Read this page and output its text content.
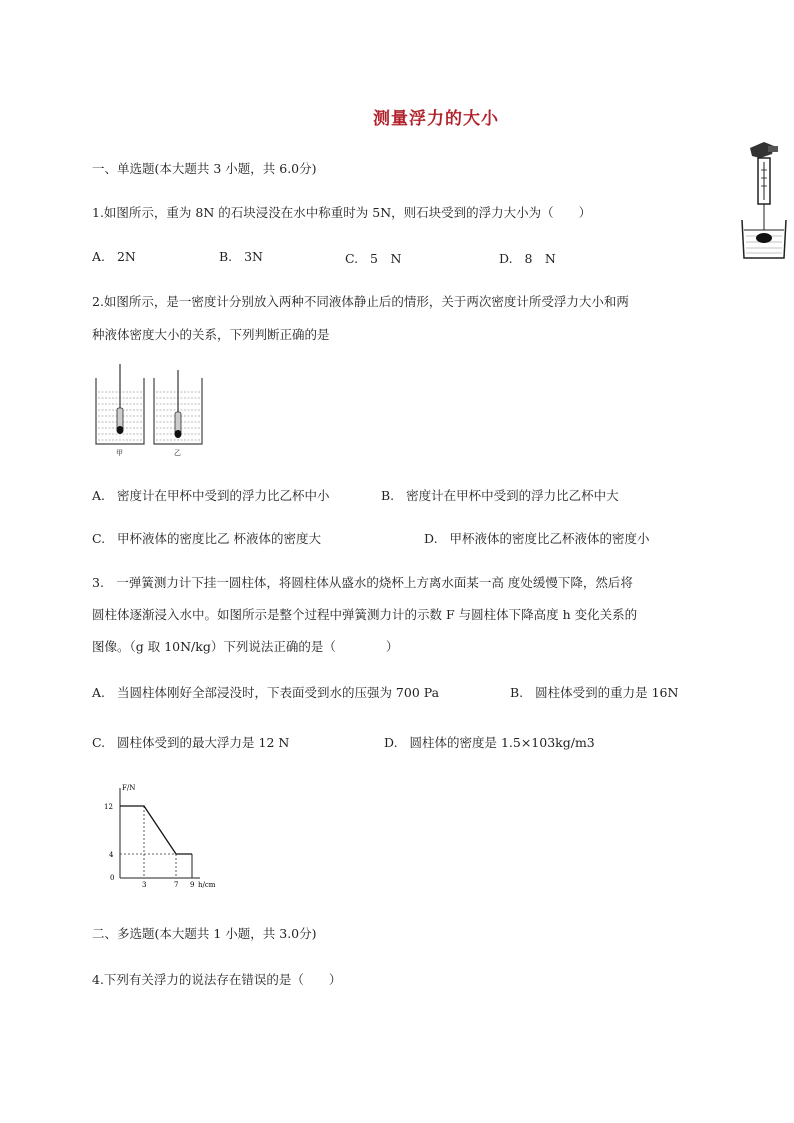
测量浮力的大小
一、单选题(本大题共 3 小题，共 6.0分)
1.如图所示，重为 8N 的石块浸没在水中称重时为 5N，则石块受到的浮力大小为（　　）
A. 2N	B. 3N	C. 5　N	D. 8　N
2.如图所示，是一密度计分别放入两种不同液体静止后的情形，关于两次密度计所受浮力大小和两
种液体密度大小的关系，下列判断正确的是
甲	乙
A. 密度计在甲杯中受到的浮力比乙杯中小	B. 密度计在甲杯中受到的浮力比乙杯中大
C. 甲杯液体的密度比乙 杯液体的密度大	D. 甲杯液体的密度比乙杯液体的密度小
3.　一弹簧测力计下挂一圆柱体，将圆柱体从盛水的烧杯上方离水面某一高 度处缓慢下降，然后将
圆柱体逐渐浸入水中。如图所示是整个过程中弹簧测力计的示数 F 与圆柱体下降高度 h 变化关系的
图像。（g 取 10N/kg）下列说法正确的是（　　　　）
A. 当圆柱体刚好全部浸没时，下表面受到水的压强为 700 Pa	B. 圆柱体受到的重力是 16N
C. 圆柱体受到的最大浮力是 12 N	D. 圆柱体的密度是 1.5×103kg/m3
F/N
h/cm
0
12
4
3	7 9
二、多选题(本大题共 1 小题，共 3.0分)
4.下列有关浮力的说法存在错误的是（　　）
